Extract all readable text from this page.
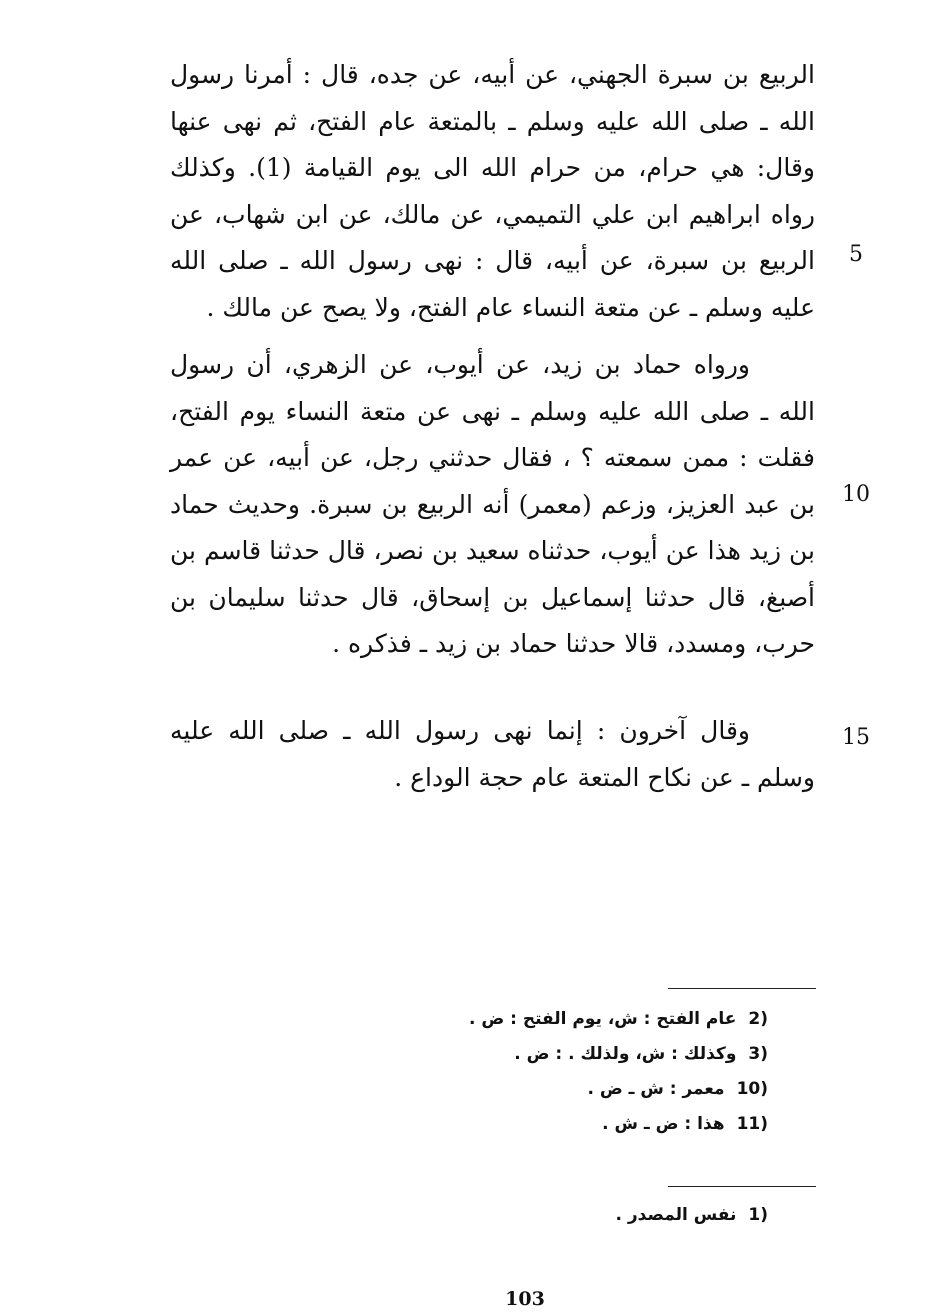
الربيع بن سبرة الجهني، عن أبيه، عن جده، قال : أمرنا رسول الله ـ صلى الله عليه وسلم ـ بالمتعة عام الفتح، ثم نهى عنها وقال: هي حرام، من حرام الله الى يوم القيامة (1). وكذلك رواه ابراهيم ابن علي التميمي، عن مالك، عن ابن شهاب، عن الربيع بن سبرة، عن أبيه، قال : نهى رسول الله ـ صلى الله عليه وسلم ـ عن متعة النساء عام الفتح، ولا يصح عن مالك .

ورواه حماد بن زيد، عن أيوب، عن الزهري، أن رسول الله ـ صلى الله عليه وسلم ـ نهى عن متعة النساء يوم الفتح، فقلت : ممن سمعته ؟ ، فقال حدثني رجل، عن أبيه، عن عمر بن عبد العزيز، وزعم (معمر) أنه الربيع بن سبرة. وحديث حماد بن زيد هذا عن أيوب، حدثناه سعيد بن نصر، قال حدثنا قاسم بن أصبغ، قال حدثنا إسماعيل بن إسحاق، قال حدثنا سليمان بن حرب، ومسدد، قالا حدثنا حماد بن زيد ـ فذكره .

وقال آخرون : إنما نهى رسول الله ـ صلى الله عليه وسلم ـ عن نكاح المتعة عام حجة الوداع .

5
10
15
2)عام الفتح : ش، يوم الفتح : ض .
3)وكذلك : ش، ولذلك . : ض .
10)معمر : ش ـ ض .
11)هذا : ض ـ ش .
1)نفس المصدر .
103
